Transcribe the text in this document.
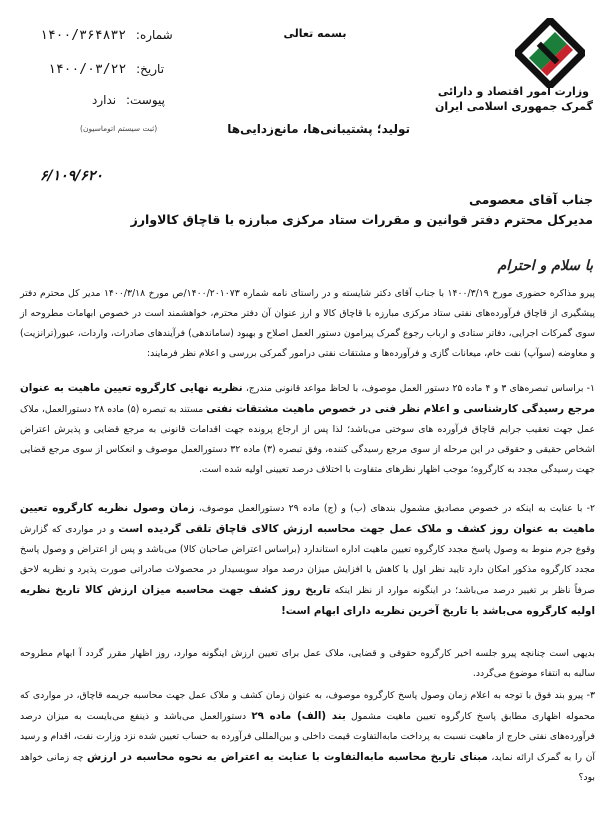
وزارت امور اقتصاد و دارائی
گمرک جمهوری اسلامی ایران
بسمه تعالی
شماره: ۱۴۰۰/۳۶۴۸۳۲
تاریخ: ۱۴۰۰/۰۳/۲۲
پیوست: ندارد
(ثبت سیستم اتوماسیون)	تولید؛ پشتیبانی‌ها، مانع‌زدایی‌ها
۶/۱۰۹/۶۲۰
جناب آقای معصومی
مدیرکل محترم دفتر قوانین و مقررات ستاد مرکزی مبارزه با قاچاق کالاوارز
با سلام و احترام
پیرو مذاکره حضوری مورخ ۱۴۰۰/۳/۱۹ با جناب آقای دکتر شایسته و در راستای نامه شماره ۱۴۰۰/۲۰۱۰۷۳/ص مورخ ۱۴۰۰/۳/۱۸ مدیر کل محترم دفتر پیشگیری از قاچاق فرآورده‌های نفتی ستاد مرکزی مبارزه با قاچاق کالا و ارز عنوان آن دفتر محترم، خواهشمند است در خصوص ابهامات مطروحه از سوی گمرکات اجرایی، دفاتر ستادی و ارباب رجوع گمرک پیرامون دستور العمل اصلاح و بهبود (ساماندهی) فرآیندهای صادرات، واردات، عبور(ترانزیت) و معاوضه (سوآپ) نفت خام، میعانات گازی و فرآورده‌ها و مشتقات نفتی درامور گمرکی بررسی و اعلام نظر فرمایند:
۱- براساس تبصره‌های ۳ و ۴ ماده ۲۵ دستور العمل موصوف، با لحاظ مواعد قانونی مندرج، نظریه نهایی کارگروه تعیین ماهیت به عنوان مرجع رسیدگی کارشناسی و اعلام نظر فنی در خصوص ماهیت مشتقات نفتی مستند به تبصره (۵) ماده ۲۸ دستورالعمل، ملاک عمل جهت تعقیب جرایم قاچاق فرآورده های سوختی می‌باشد؛ لذا پس از ارجاع پرونده جهت اقدامات قانونی به مرجع قضایی و پذیرش اعتراض اشخاص حقیقی و حقوقی در این مرحله از سوی مرجع رسیدگی کننده، وفق تبصره (۳) ماده ۳۲ دستورالعمل موصوف و انعکاس از سوی مرجع قضایی جهت رسیدگی مجدد به کارگروه؛ موجب اظهار نظرهای متفاوت با اختلاف درصد تعیینی اولیه شده است.
۲- با عنایت به اینکه در خصوص مصادیق مشمول بندهای (ب) و (ج) ماده ۲۹ دستورالعمل موصوف، زمان وصول نظریه کارگروه تعیین ماهیت به عنوان روز کشف و ملاک عمل جهت محاسبه ارزش کالای قاچاق تلقی گردیده است و در مواردی که گزارش وقوع جرم منوط به وصول پاسخ مجدد کارگروه تعیین ماهیت اداره استاندارد (براساس اعتراض صاحبان کالا) می‌باشد و پس از اعتراض و وصول پاسخ مجدد کارگروه مذکور امکان دارد تایید نظر اول یا کاهش یا افزایش میزان درصد مواد سوبسیدار در محصولات صادراتی صورت پذیرد و نظریه لاحق صرفاً ناظر بر تغییر درصد می‌باشد؛ در اینگونه موارد از نظر اینکه تاریخ روز کشف جهت محاسبه میزان ارزش کالا تاریخ نظریه اولیه کارگروه می‌باشد یا تاریخ آخرین نظریه دارای ابهام است!
بدیهی است چنانچه پیرو جلسه اخیر کارگروه حقوقی و قضایی، ملاک عمل برای تعیین ارزش اینگونه موارد، روز اظهار مقرر گردد آ ابهام مطروحه سالبه به انتفاء موضوع می‌گردد.
۳- پیرو بند فوق با توجه به اعلام زمان وصول پاسخ کارگروه موصوف، به عنوان زمان کشف و ملاک عمل جهت محاسبه جریمه قاچاق، در مواردی که محموله اظهاری مطابق پاسخ کارگروه تعیین ماهیت مشمول بند (الف) ماده ۲۹ دستورالعمل می‌باشد و ذینفع می‌بایست به میزان درصد فرآورده‌های نفتی خارج از ماهیت نسبت به پرداخت مابه‌التفاوت قیمت داخلی و بین‌المللی فرآورده به حساب تعیین شده نزد وزارت نفت، اقدام و رسید آن را به گمرک ارائه نماید، مبنای تاریخ محاسبه مابه‌التفاوت با عنایت به اعتراض به نحوه محاسبه در ارزش چه زمانی خواهد بود؟
